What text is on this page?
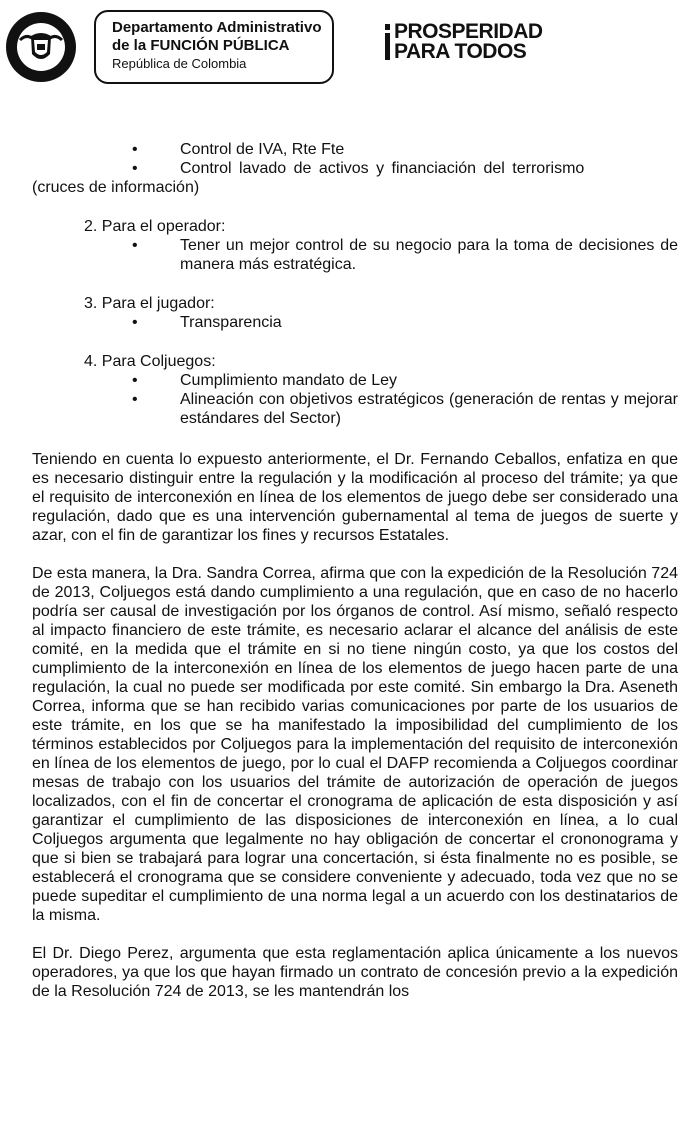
Departamento Administrativo
de la FUNCIÓN PÚBLICA
República de Colombia
PROSPERIDAD
PARA TODOS
•	Control de IVA, Rte Fte
•	Control lavado de activos y financiación del terrorismo
(cruces de información)
2. Para el operador:
•	Tener un mejor control de su negocio para la toma de decisiones de manera más estratégica.
3. Para el jugador:
•	Transparencia
4. Para Coljuegos:
•	Cumplimiento mandato de Ley
•	Alineación con objetivos estratégicos (generación de rentas y mejorar estándares del Sector)

Teniendo en cuenta lo expuesto anteriormente, el Dr. Fernando Ceballos, enfatiza en que es necesario distinguir entre la regulación y la modificación al proceso del trámite; ya que el requisito de interconexión en línea de los elementos de juego debe ser considerado una regulación, dado que es una intervención gubernamental al tema de juegos de suerte y azar, con el fin de garantizar los fines y recursos Estatales.

De esta manera, la Dra. Sandra Correa, afirma que con la expedición de la Resolución 724 de 2013, Coljuegos está dando cumplimiento a una regulación, que en caso de no hacerlo podría ser causal de investigación por los órganos de control. Así mismo, señaló respecto al impacto financiero de este trámite, es necesario aclarar el alcance del análisis de este comité, en la medida que el trámite en si no tiene ningún costo, ya que los costos del cumplimiento de la interconexión en línea de los elementos de juego hacen parte de una regulación, la cual no puede ser modificada por este comité. Sin embargo la Dra. Aseneth Correa, informa que se han recibido varias comunicaciones por parte de los usuarios de este trámite, en los que se ha manifestado la imposibilidad del cumplimiento de los términos establecidos por Coljuegos para la implementación del requisito de interconexión en línea de los elementos de juego, por lo cual el DAFP recomienda a Coljuegos coordinar mesas de trabajo con los usuarios del trámite de autorización de operación de juegos localizados, con el fin de concertar el cronograma de aplicación de esta disposición y así garantizar el cumplimiento de las disposiciones de interconexión en línea, a lo cual Coljuegos argumenta que legalmente no hay obligación de concertar el crononograma y que si bien se trabajará para lograr una concertación, si ésta finalmente no es posible, se establecerá el cronograma que se considere conveniente y adecuado, toda vez que no se puede supeditar el cumplimiento de una norma legal a un acuerdo con los destinatarios de la misma.

El Dr. Diego Perez, argumenta que esta reglamentación aplica únicamente a los nuevos operadores, ya que los que hayan firmado un contrato de concesión previo a la expedición de la Resolución 724 de 2013, se les mantendrán los
